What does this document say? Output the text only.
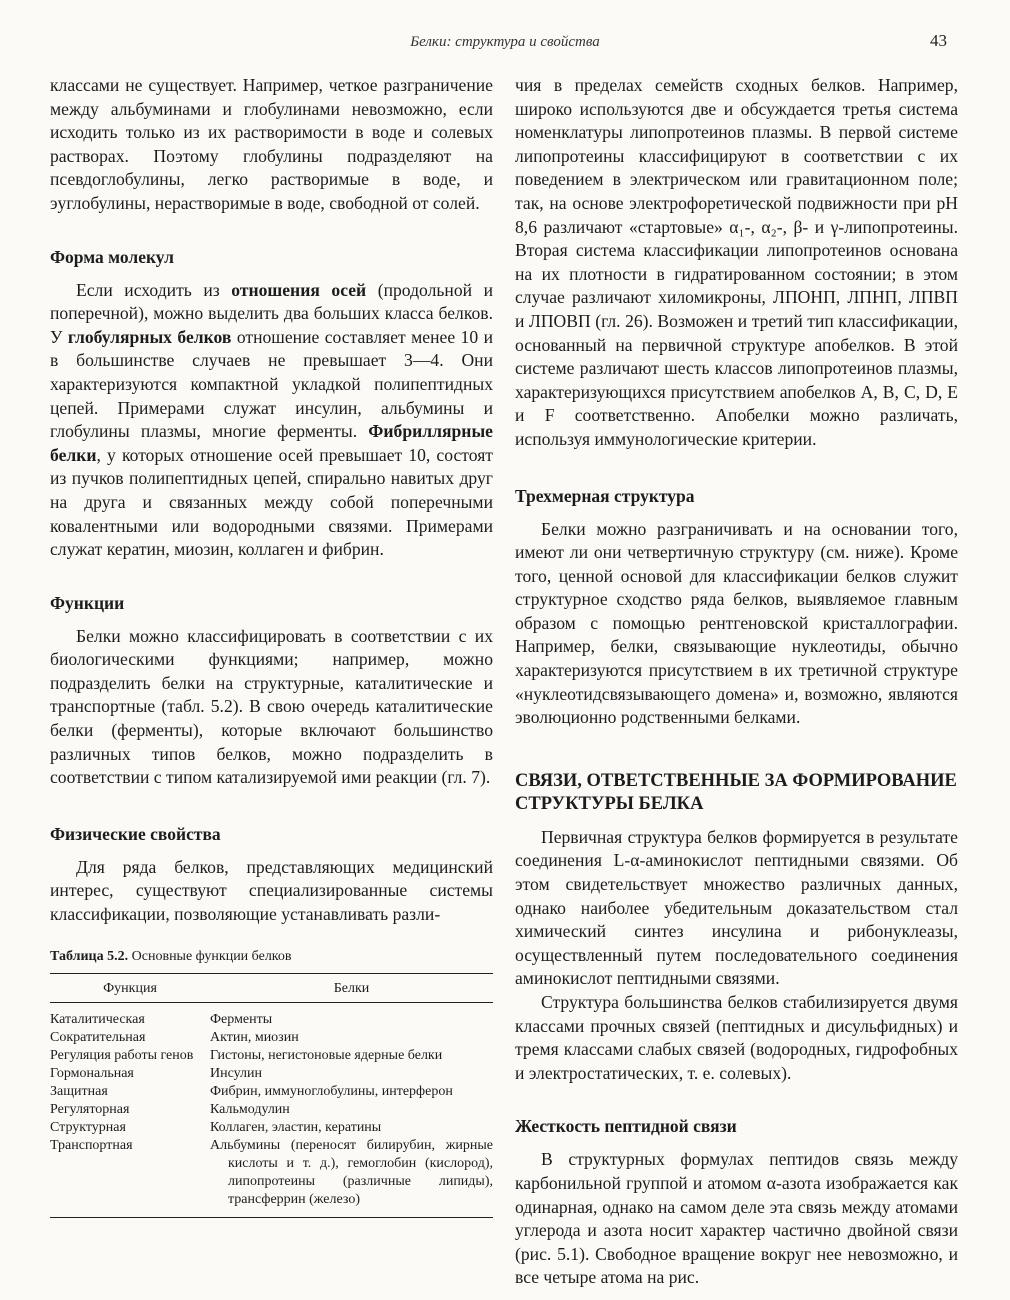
Белки: структура и свойства	43

классами не существует. Например, четкое разграничение между альбуминами и глобулинами невозможно, если исходить только из их растворимости в воде и солевых растворах. Поэтому глобулины подразделяют на псевдоглобулины, легко растворимые в воде, и эуглобулины, нерастворимые в воде, свободной от солей.

Форма молекул

Если исходить из отношения осей (продольной и поперечной), можно выделить два больших класса белков. У глобулярных белков отношение составляет менее 10 и в большинстве случаев не превышает 3—4. Они характеризуются компактной укладкой полипептидных цепей. Примерами служат инсулин, альбумины и глобулины плазмы, многие ферменты. Фибриллярные белки, у которых отношение осей превышает 10, состоят из пучков полипептидных цепей, спирально навитых друг на друга и связанных между собой поперечными ковалентными или водородными связями. Примерами служат кератин, миозин, коллаген и фибрин.

Функции

Белки можно классифицировать в соответствии с их биологическими функциями; например, можно подразделить белки на структурные, каталитические и транспортные (табл. 5.2). В свою очередь каталитические белки (ферменты), которые включают большинство различных типов белков, можно подразделить в соответствии с типом катализируемой ими реакции (гл. 7).

Физические свойства

Для ряда белков, представляющих медицинский интерес, существуют специализированные системы классификации, позволяющие устанавливать разли-

Таблица 5.2. Основные функции белков
Функция	Белки

Каталитическая	Ферменты

Сократительная	Актин, миозин

Регуляция работы генов	Гистоны, негистоновые ядерные белки

Гормональная	Инсулин

Защитная	Фибрин, иммуноглобулины, интерферон

Регуляторная	Кальмодулин

Структурная	Коллаген, эластин, кератины

Транспортная	Альбумины (переносят билирубин, жирные кислоты и т. д.), гемоглобин (кислород), липопротеины (различные липиды), трансферрин (железо)

чия в пределах семейств сходных белков. Например, широко используются две и обсуждается третья система номенклатуры липопротеинов плазмы. В первой системе липопротеины классифицируют в соответствии с их поведением в электрическом или гравитационном поле; так, на основе электрофоретической подвижности при pH 8,6 различают «стартовые» α₁-, α₂-, β- и γ-липопротеины. Вторая система классификации липопротеинов основана на их плотности в гидратированном состоянии; в этом случае различают хиломикроны, ЛПОНП, ЛПНП, ЛПВП и ЛПОВП (гл. 26). Возможен и третий тип классификации, основанный на первичной структуре апобелков. В этой системе различают шесть классов липопротеинов плазмы, характеризующихся присутствием апобелков A, B, C, D, E и F соответственно. Апобелки можно различать, используя иммунологические критерии.

Трехмерная структура

Белки можно разграничивать и на основании того, имеют ли они четвертичную структуру (см. ниже). Кроме того, ценной основой для классификации белков служит структурное сходство ряда белков, выявляемое главным образом с помощью рентгеновской кристаллографии. Например, белки, связывающие нуклеотиды, обычно характеризуются присутствием в их третичной структуре «нуклеотидсвязывающего домена» и, возможно, являются эволюционно родственными белками.

СВЯЗИ, ОТВЕТСТВЕННЫЕ ЗА ФОРМИРОВАНИЕ СТРУКТУРЫ БЕЛКА

Первичная структура белков формируется в результате соединения L-α-аминокислот пептидными связями. Об этом свидетельствует множество различных данных, однако наиболее убедительным доказательством стал химический синтез инсулина и рибонуклеазы, осуществленный путем последовательного соединения аминокислот пептидными связями.

Структура большинства белков стабилизируется двумя классами прочных связей (пептидных и дисульфидных) и тремя классами слабых связей (водородных, гидрофобных и электростатических, т. е. солевых).

Жесткость пептидной связи

В структурных формулах пептидов связь между карбонильной группой и атомом α-азота изображается как одинарная, однако на самом деле эта связь между атомами углерода и азота носит характер частично двойной связи (рис. 5.1). Свободное вращение вокруг нее невозможно, и все четыре атома на рис.
